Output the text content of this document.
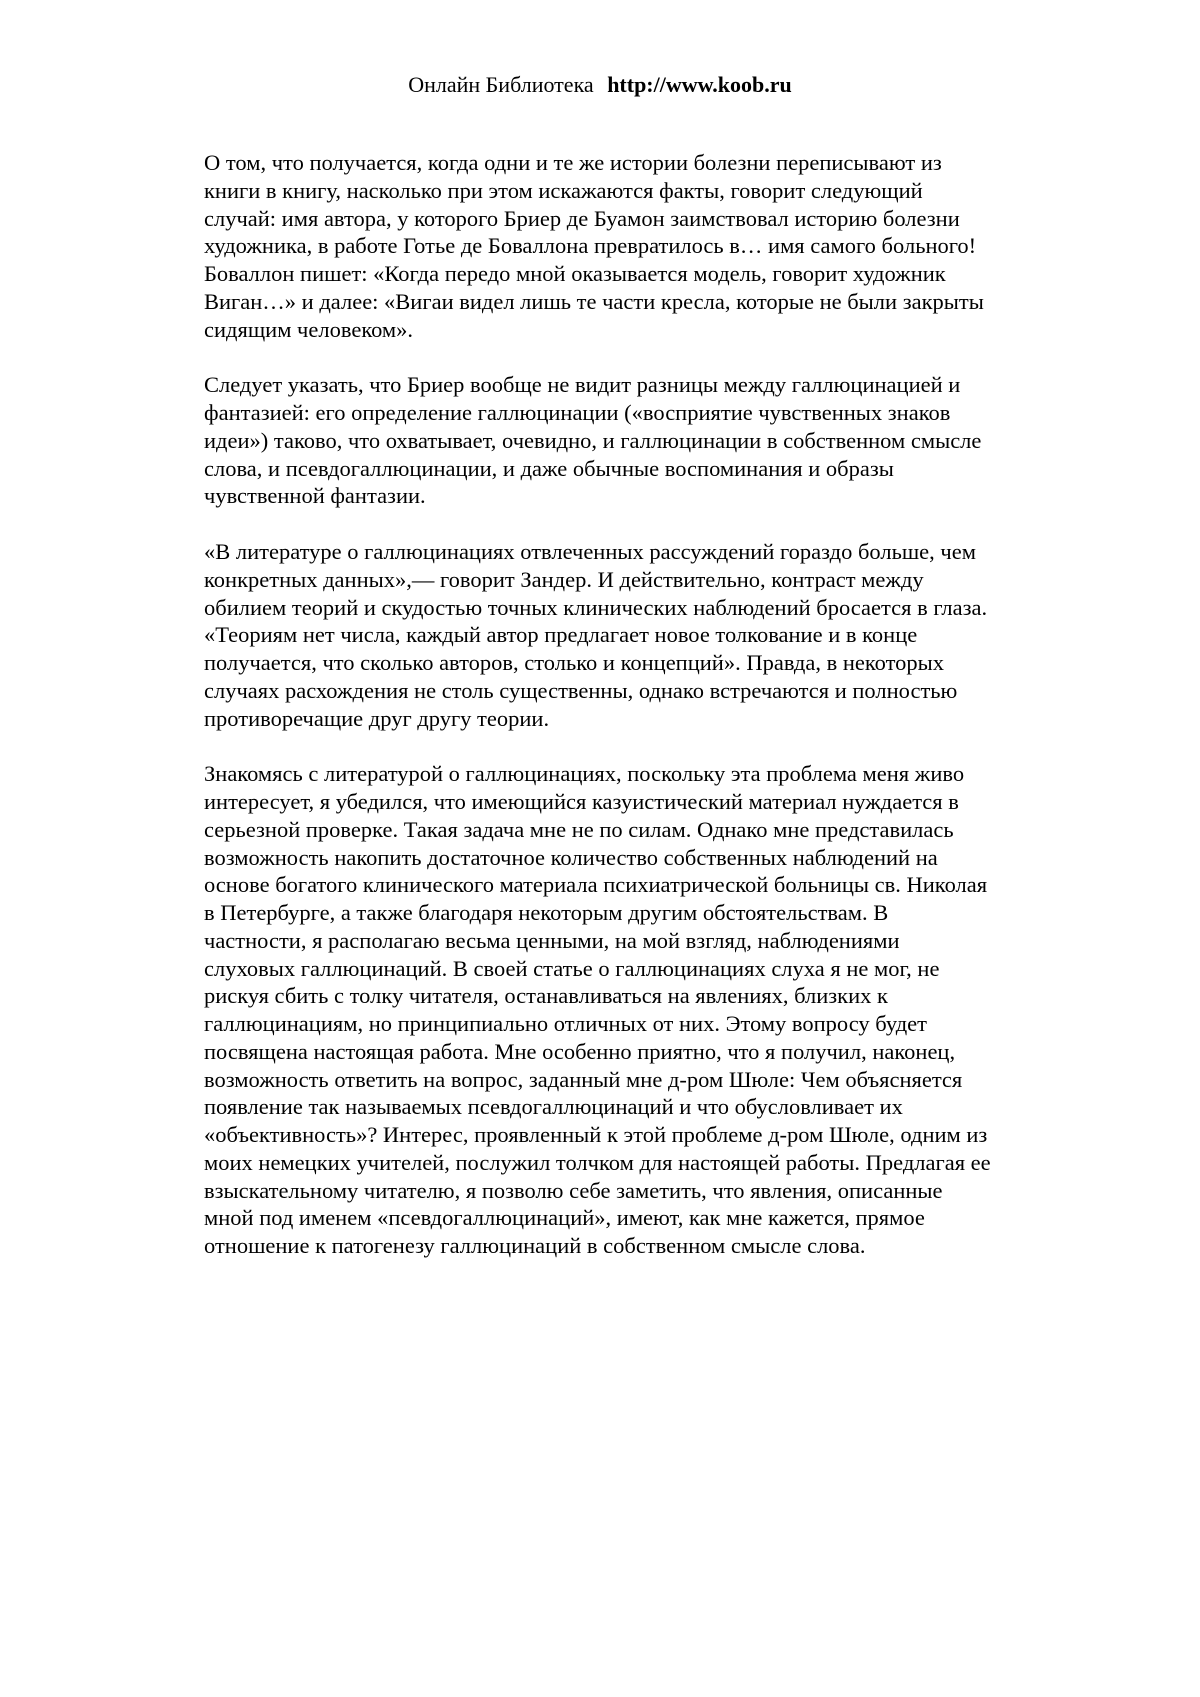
Онлайн Библиотека http://www.koob.ru
О том, что получается, когда одни и те же истории болезни переписывают из
книги в книгу, насколько при этом искажаются факты, говорит следующий
случай: имя автора, у которого Бриер де Буамон заимствовал историю болезни
художника, в работе Готье де Боваллона превратилось в… имя самого больного!
Боваллон пишет: «Когда передо мной оказывается модель, говорит художник
Виган…» и далее: «Вигаи видел лишь те части кресла, которые не были закрыты
сидящим человеком».
Следует указать, что Бриер вообще не видит разницы между галлюцинацией и
фантазией: его определение галлюцинации («восприятие чувственных знаков
идеи») таково, что охватывает, очевидно, и галлюцинации в собственном смысле
слова, и псевдогаллюцинации, и даже обычные воспоминания и образы
чувственной фантазии.
«В литературе о галлюцинациях отвлеченных рассуждений гораздо больше, чем
конкретных данных»,— говорит Зандер. И действительно, контраст между
обилием теорий и скудостью точных клинических наблюдений бросается в глаза.
«Теориям нет числа, каждый автор предлагает новое толкование и в конце
получается, что сколько авторов, столько и концепций». Правда, в некоторых
случаях расхождения не столь существенны, однако встречаются и полностью
противоречащие друг другу теории.
Знакомясь с литературой о галлюцинациях, поскольку эта проблема меня живо
интересует, я убедился, что имеющийся казуистический материал нуждается в
серьезной проверке. Такая задача мне не по силам. Однако мне представилась
возможность накопить достаточное количество собственных наблюдений на
основе богатого клинического материала психиатрической больницы св. Николая
в Петербурге, а также благодаря некоторым другим обстоятельствам. В
частности, я располагаю весьма ценными, на мой взгляд, наблюдениями
слуховых галлюцинаций. В своей статье о галлюцинациях слуха я не мог, не
рискуя сбить с толку читателя, останавливаться на явлениях, близких к
галлюцинациям, но принципиально отличных от них. Этому вопросу будет
посвящена настоящая работа. Мне особенно приятно, что я получил, наконец,
возможность ответить на вопрос, заданный мне д-ром Шюле: Чем объясняется
появление так называемых псевдогаллюцинаций и что обусловливает их
«объективность»? Интерес, проявленный к этой проблеме д-ром Шюле, одним из
моих немецких учителей, послужил толчком для настоящей работы. Предлагая ее
взыскательному читателю, я позволю себе заметить, что явления, описанные
мной под именем «псевдогаллюцинаций», имеют, как мне кажется, прямое
отношение к патогенезу галлюцинаций в собственном смысле слова.
